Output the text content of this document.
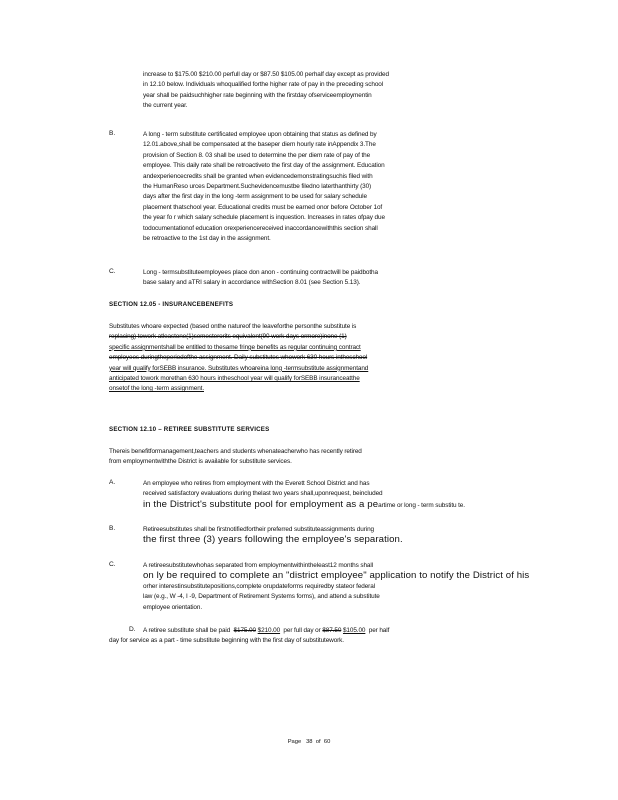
increase to $175.00 $210.00 perfull day or $87.50 $105.00 perhalf day except as provided
in 12.10 below. Individuals whoqualified forthe higher rate of pay in the preceding school
year shall be paidsuchhigher rate beginning with the firstday ofserviceemploymentin
the current year.
B.	A long - term substitute certificated employee upon obtaining that status as defined by
12.01.above,shall be compensated at the baseper diem hourly rate inAppendix 3.The
provision of Section 8. 03 shall be used to determine the per diem rate of pay of the
employee. This daily rate shall be retroactiveto the first day of the assignment. Education
andexperiencecredits shall be granted when evidencedemonstratingsuchis filed with
the HumanReso urces Department.Suchevidencemustbe filedno laterthanthirty (30)
days after the first day in the long -term assignment to be used for salary schedule
placement thatschool year. Educational credits must be earned onor before October 1of
the year fo r which salary schedule placement is inquestion. Increases in rates ofpay due
todocumentationof education orexperiencereceived inaccordancewiththis section shall
be retroactive to the 1st day in the assignment.
C.	Long - termsubstituteemployees place don anon - continuing contractwill be paidbotha
base salary and aTRI salary in accordance withSection 8.01 (see Section 5.13).
SECTION 12.05 - INSURANCEBENEFITS
Substitutes whoare expected (based onthe natureof the leaveforthe personthe substitute is
replacing) towork atleastone(1)semesterorits equivalent(90 work days ormore)inone (1)
specific assignmentshall be entitled to thesame fringe benefits as regular continuing contract
employees duringtheperiodofthe assignment. Daily substitutes whowork 630 hours intheschool
year will qualify forSEBB insurance. Substitutes whoareina long -termsubstitute assignmentand
anticipated towork morethan 630 hours intheschool year will qualify forSEBB insuranceatthe
onsetof the long -term assignment.
SECTION 12.10 – RETIREE SUBSTITUTE SERVICES
Thereis benefitformanagement,teachers and students whenateacherwho has recently retired
from employmentwiththe District is available for substitute services.
A.	An employee who retires from employment with the Everett School District and has
received satisfactory evaluations during thelast two years shall,uponrequest, beincluded
in the District's substitute pool for employment as a peartime or long - term substitu te.
B.	Retireesubstitutes shall be firstnotifiedfortheir preferred substituteassignments during
the first three (3) years following the employee's separation.
C.	A retireesubstitutewhohas separated from employmentwithintheleast12 months shall
on ly be required to complete an "district employee" application to notify the District of his
orher interestinsubstitutepositions,complete orupdateforms requiredby stateor federal
law (e.g., W -4, I -9, Department of Retirement Systems forms), and attend a substitute
employee orientation.
D. A retiree substitute shall be paid $175.00 $210.00 per full day or $87.50 $105.00 per half
day for service as a part - time substitute beginning with the first day of substitutework.
Page 38 of 60
